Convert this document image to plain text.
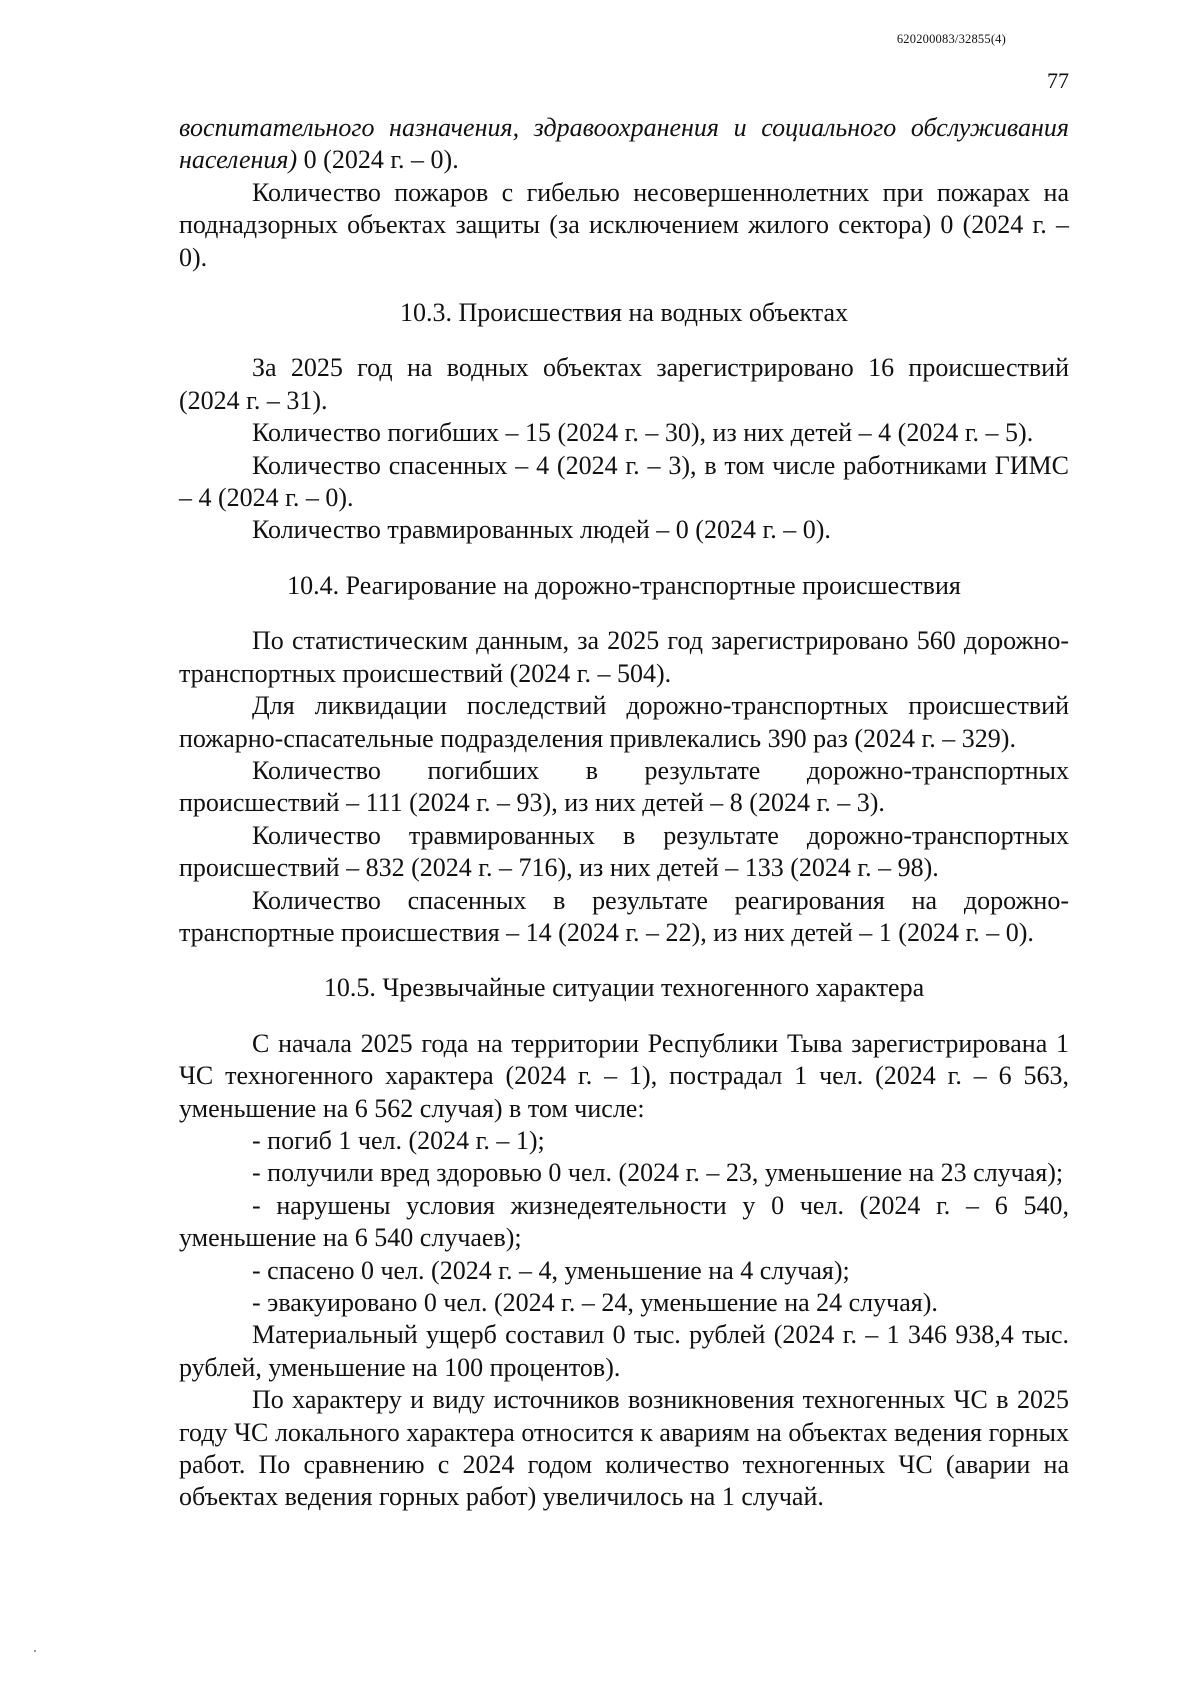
620200083/32855(4)
77

воспитательного назначения, здравоохранения и социального обслуживания населения) 0 (2024 г. – 0).

Количество пожаров с гибелью несовершеннолетних при пожарах на поднадзорных объектах защиты (за исключением жилого сектора) 0 (2024 г. – 0).

10.3. Происшествия на водных объектах

За 2025 год на водных объектах зарегистрировано 16 происшествий (2024 г. – 31).

Количество погибших – 15 (2024 г. – 30), из них детей – 4 (2024 г. – 5).

Количество спасенных – 4 (2024 г. – 3), в том числе работниками ГИМС – 4 (2024 г. – 0).

Количество травмированных людей – 0 (2024 г. – 0).

10.4. Реагирование на дорожно-транспортные происшествия

По статистическим данным, за 2025 год зарегистрировано 560 дорожно-транспортных происшествий (2024 г. – 504).

Для ликвидации последствий дорожно-транспортных происшествий пожарно-спасательные подразделения привлекались 390 раз (2024 г. – 329).

Количество погибших в результате дорожно-транспортных происшествий – 111 (2024 г. – 93), из них детей – 8 (2024 г. – 3).

Количество травмированных в результате дорожно-транспортных происшествий – 832 (2024 г. – 716), из них детей – 133 (2024 г. – 98).

Количество спасенных в результате реагирования на дорожно-транспортные происшествия – 14 (2024 г. – 22), из них детей – 1 (2024 г. – 0).

10.5. Чрезвычайные ситуации техногенного характера

С начала 2025 года на территории Республики Тыва зарегистрирована 1 ЧС техногенного характера (2024 г. – 1), пострадал 1 чел. (2024 г. – 6 563, уменьшение на 6 562 случая) в том числе:

- погиб 1 чел. (2024 г. – 1);

- получили вред здоровью 0 чел. (2024 г. – 23, уменьшение на 23 случая);

- нарушены условия жизнедеятельности у 0 чел. (2024 г. – 6 540, уменьшение на 6 540 случаев);

- спасено 0 чел. (2024 г. – 4, уменьшение на 4 случая);

- эвакуировано 0 чел. (2024 г. – 24, уменьшение на 24 случая).

Материальный ущерб составил 0 тыс. рублей (2024 г. – 1 346 938,4 тыс. рублей, уменьшение на 100 процентов).

По характеру и виду источников возникновения техногенных ЧС в 2025 году ЧС локального характера относится к авариям на объектах ведения горных работ. По сравнению с 2024 годом количество техногенных ЧС (аварии на объектах ведения горных работ) увеличилось на 1 случай.
